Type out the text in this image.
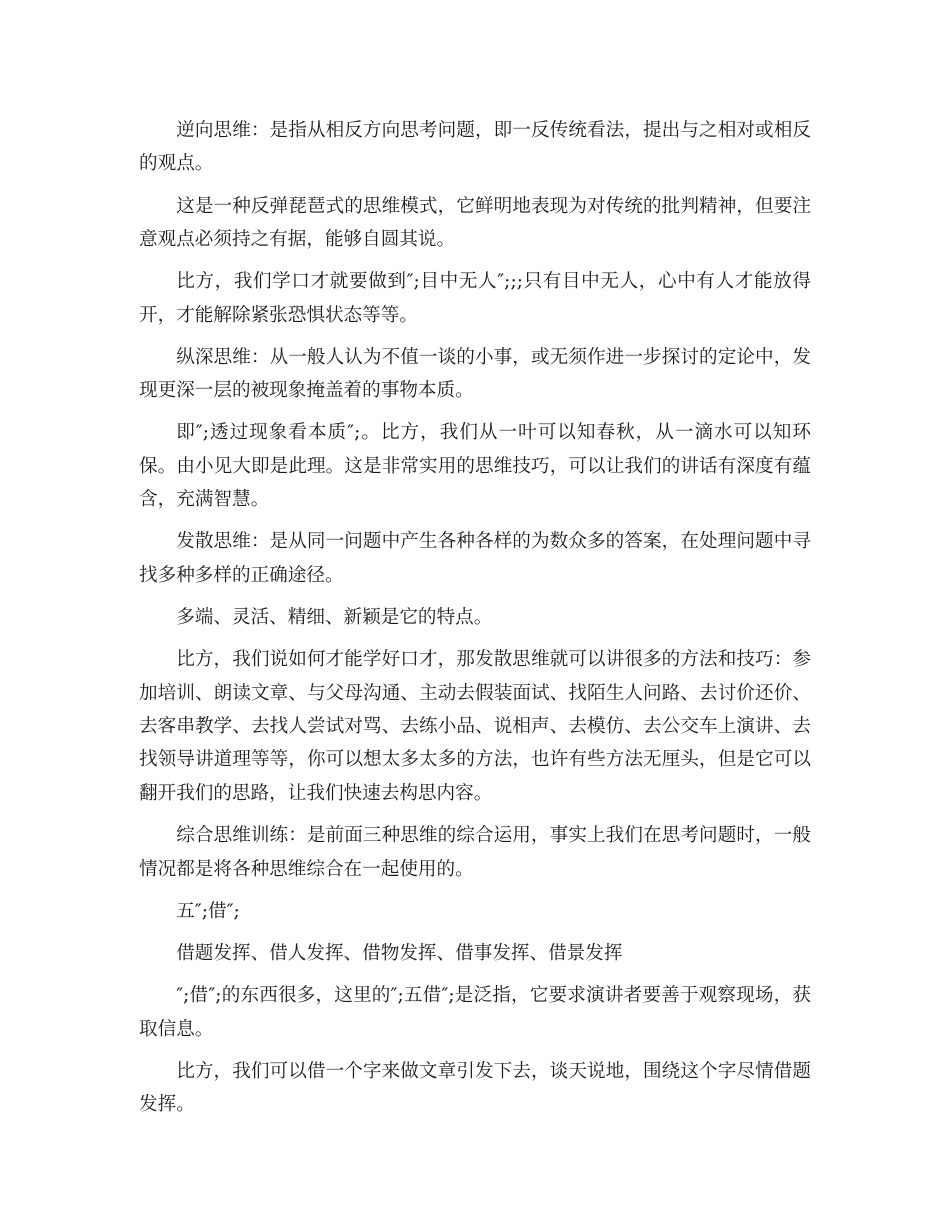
逆向思维：是指从相反方向思考问题，即一反传统看法，提出与之相对或相反的观点。

这是一种反弹琵琶式的思维模式，它鲜明地表现为对传统的批判精神，但要注意观点必须持之有据，能够自圆其说。

比方，我们学口才就要做到″;目中无人″;;;只有目中无人，心中有人才能放得开，才能解除紧张恐惧状态等等。

纵深思维：从一般人认为不值一谈的小事，或无须作进一步探讨的定论中，发现更深一层的被现象掩盖着的事物本质。

即″;透过现象看本质″;。比方，我们从一叶可以知春秋，从一滴水可以知环保。由小见大即是此理。这是非常实用的思维技巧，可以让我们的讲话有深度有蕴含，充满智慧。

发散思维：是从同一问题中产生各种各样的为数众多的答案，在处理问题中寻找多种多样的正确途径。

多端、灵活、精细、新颖是它的特点。

比方，我们说如何才能学好口才，那发散思维就可以讲很多的方法和技巧：参加培训、朗读文章、与父母沟通、主动去假装面试、找陌生人问路、去讨价还价、去客串教学、去找人尝试对骂、去练小品、说相声、去模仿、去公交车上演讲、去找领导讲道理等等，你可以想太多太多的方法，也许有些方法无厘头，但是它可以翻开我们的思路，让我们快速去构思内容。

综合思维训练：是前面三种思维的综合运用，事实上我们在思考问题时，一般情况都是将各种思维综合在一起使用的。

五″;借″;

借题发挥、借人发挥、借物发挥、借事发挥、借景发挥

″;借″;的东西很多，这里的″;五借″;是泛指，它要求演讲者要善于观察现场，获取信息。

比方，我们可以借一个字来做文章引发下去，谈天说地，围绕这个字尽情借题发挥。
